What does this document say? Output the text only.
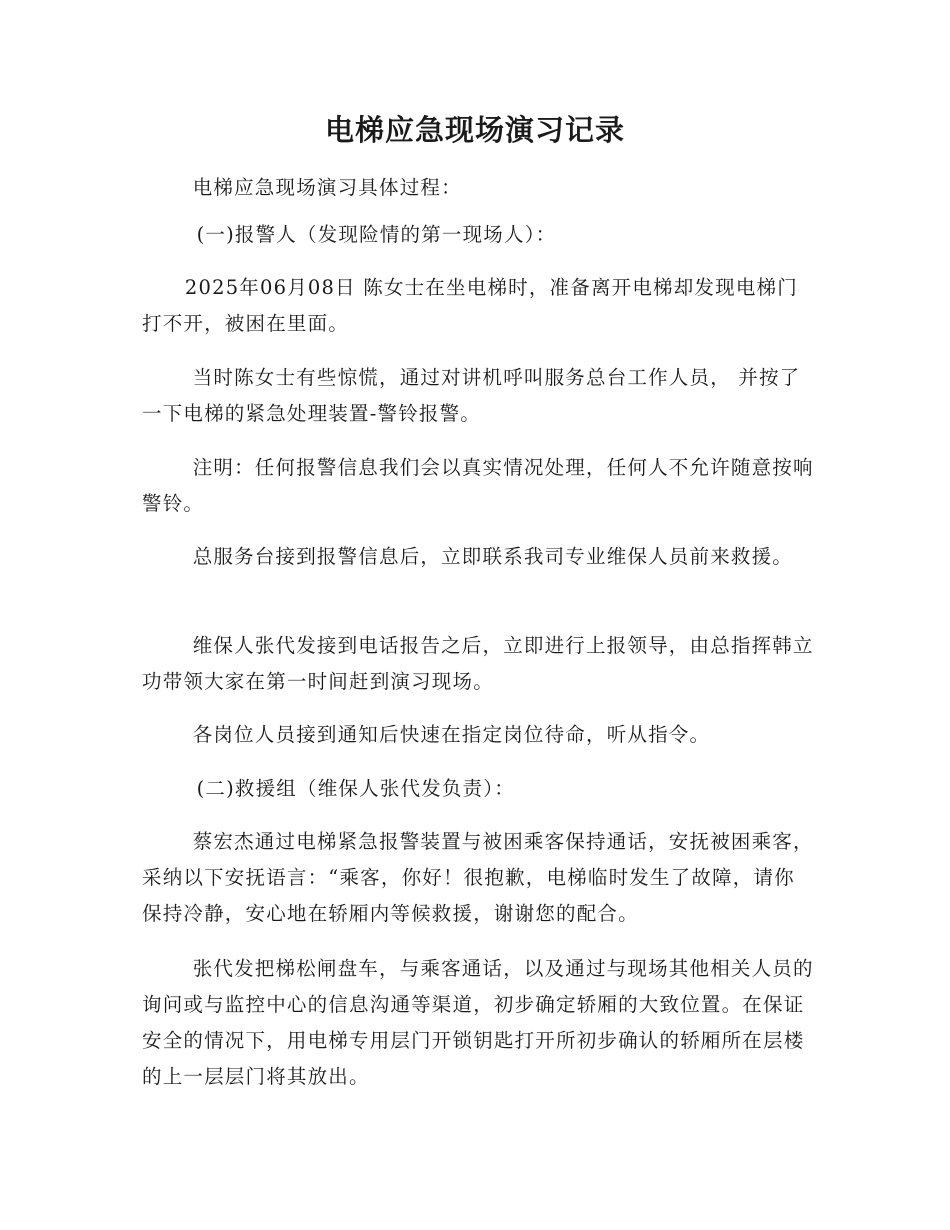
电梯应急现场演习记录

电梯应急现场演习具体过程：

(一)报警人（发现险情的第一现场人）：

2025年06月08日 陈女士在坐电梯时，准备离开电梯却发现电梯门打不开，被困在里面。

当时陈女士有些惊慌，通过对讲机呼叫服务总台工作人员， 并按了一下电梯的紧急处理装置-警铃报警。

注明：任何报警信息我们会以真实情况处理，任何人不允许随意按响警铃。

总服务台接到报警信息后，立即联系我司专业维保人员前来救援。

维保人张代发接到电话报告之后，立即进行上报领导，由总指挥韩立功带领大家在第一时间赶到演习现场。

各岗位人员接到通知后快速在指定岗位待命，听从指令。

(二)救援组（维保人张代发负责）：

蔡宏杰通过电梯紧急报警装置与被困乘客保持通话，安抚被困乘客，采纳以下安抚语言：“乘客，你好！很抱歉，电梯临时发生了故障，请你保持冷静，安心地在轿厢内等候救援，谢谢您的配合。

张代发把梯松闸盘车，与乘客通话，以及通过与现场其他相关人员的询问或与监控中心的信息沟通等渠道，初步确定轿厢的大致位置。在保证安全的情况下，用电梯专用层门开锁钥匙打开所初步确认的轿厢所在层楼的上一层层门将其放出。
